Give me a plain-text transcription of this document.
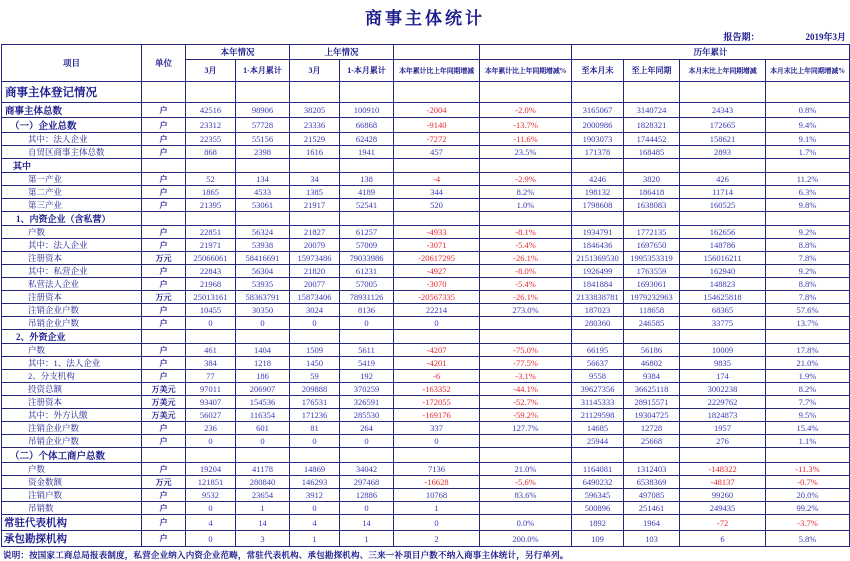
商事主体统计
报告期：	2019年3月
项目	单位	本年情况		上年情况				历年累计			
		3月	1-本月累计	3月	1-本月累计	本年累计比上年同期增减	本年累计比上年同期增减%	至本月末	至上年同期	本月末比上年同期增减	本月末比上年同期增减%
商事主体登记情况											
商事主体总数	户	42516	98906	38205	100910	-2004	-2.0%	3165067	3140724	24343	0.8%
（一）企业总数	户	23312	57728	23336	66868	-9140	-13.7%	2000986	1828321	172665	9.4%
其中：法人企业	户	22355	55156	21529	62428	-7272	-11.6%	1903073	1744452	158621	9.1%
自贸区商事主体总数	户	868	2398	1616	1941	457	23.5%	171378	168485	2893	1.7%
其中											
第一产业	户	52	134	34	138	-4	-2.9%	4246	3820	426	11.2%
第二产业	户	1865	4533	1385	4189	344	8.2%	198132	186418	11714	6.3%
第三产业	户	21395	53061	21917	52541	520	1.0%	1798608	1638083	160525	9.8%
1、内资企业（含私营）											
户数	户	22851	56324	21827	61257	-4933	-8.1%	1934791	1772135	162656	9.2%
其中：法人企业	户	21971	53938	20079	57009	-3071	-5.4%	1846436	1697650	148786	8.8%
注册资本	万元	25066061	58416691	15973486	79033986	-20617295	-26.1%	2151369530	1995353319	156016211	7.8%
其中：私营企业	户	22843	56304	21820	61231	-4927	-8.0%	1926499	1763559	162940	9.2%
私营法人企业	户	21968	53935	20077	57005	-3070	-5.4%	1841884	1693061	148823	8.8%
注册资本	万元	25013161	58363791	15873406	78931126	-20567335	-26.1%	2133838781	1979232963	154625818	7.8%
注销企业户数	户	10455	30350	3024	8136	22214	273.0%	187023	118658	68365	57.6%
吊销企业户数	户	0	0	0	0	0		280360	246585	33775	13.7%
2、外资企业											
户数	户	461	1404	1509	5611	-4207	-75.0%	66195	56186	10009	17.8%
其中：1、法人企业	户	384	1218	1450	5419	-4201	-77.5%	56637	46802	9835	21.0%
2、分支机构	户	77	186	59	192	-6	-3.1%	9558	9384	174	1.9%
投资总额	万美元	97011	206907	209888	370259	-163352	-44.1%	39627356	36625118	3002238	8.2%
注册资本	万美元	93407	154536	176531	326591	-172055	-52.7%	31145333	28915571	2229762	7.7%
其中：外方认缴	万美元	56027	116354	171236	285530	-169176	-59.2%	21129598	19304725	1824873	9.5%
注销企业户数	户	236	601	81	264	337	127.7%	14685	12728	1957	15.4%
吊销企业户数	户	0	0	0	0	0		25944	25668	276	1.1%
（二）个体工商户总数											
户数	户	19204	41178	14869	34042	7136	21.0%	1164081	1312403	-148322	-11.3%
资金数额	万元	121851	280840	146293	297468	-16628	-5.6%	6490232	6538369	-48137	-0.7%
注销户数	户	9532	23654	3912	12886	10768	83.6%	596345	497085	99260	20.0%
吊销数	户	0	1	0	0	1		500896	251461	249435	99.2%
常驻代表机构	户	4	14	4	14	0	0.0%	1892	1964	-72	-3.7%
承包勘探机构	户	0	3	1	1	2	200.0%	109	103	6	5.8%
说明：按国家工商总局报表制度，私营企业纳入内资企业范畴，常驻代表机构、承包勘探机构、三来一补项目户数不纳入商事主体统计，另行单列。
